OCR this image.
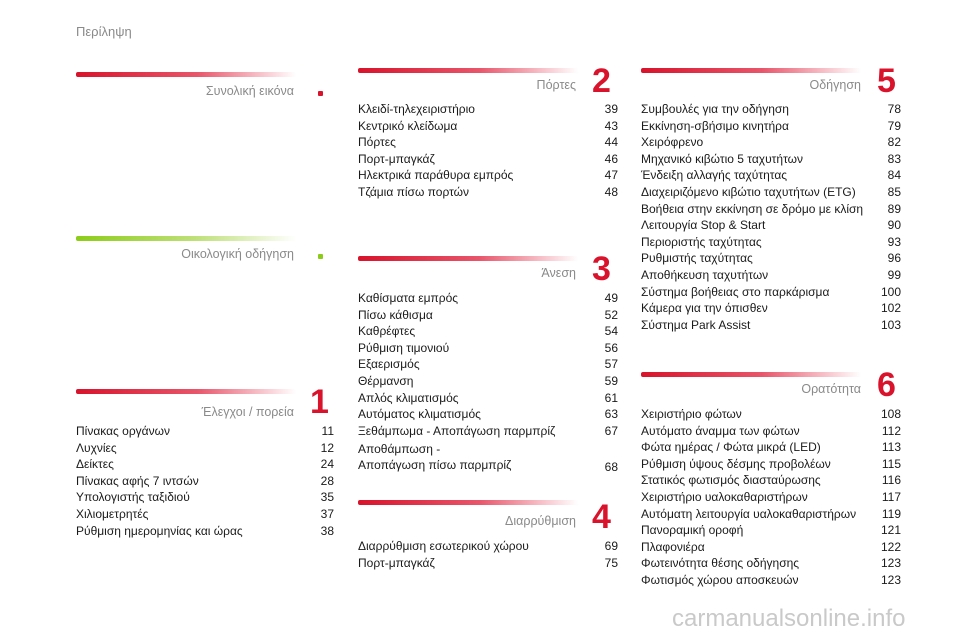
Περίληψη
Συνολική εικόνα
Οικολογική οδήγηση
Έλεγχοι / πορεία 1
Πίνακας οργάνων	11
Λυχνίες	12
Δείκτες	24
Πίνακας αφής 7 ιντσών	28
Υπολογιστής ταξιδιού	35
Χιλιομετρητές	37
Ρύθμιση ημερομηνίας και ώρας	38
Πόρτες 2
Κλειδί-τηλεχειριστήριο	39
Κεντρικό κλείδωμα	43
Πόρτες	44
Πορτ-μπαγκάζ	46
Ηλεκτρικά παράθυρα εμπρός	47
Τζάμια πίσω πορτών	48
Άνεση 3
Καθίσματα εμπρός	49
Πίσω κάθισμα	52
Καθρέφτες	54
Ρύθμιση τιμονιού	56
Εξαερισμός	57
Θέρμανση	59
Απλός κλιματισμός	61
Αυτόματος κλιματισμός	63
Ξεθάμπωμα - Αποπάγωση παρμπρίζ	67
Αποθάμπωση -
Αποπάγωση πίσω παρμπρίζ	68
Διαρρύθμιση 4
Διαρρύθμιση εσωτερικού χώρου	69
Πορτ-μπαγκάζ	75
Οδήγηση 5
Συμβουλές για την οδήγηση	78
Εκκίνηση-σβήσιμο κινητήρα	79
Χειρόφρενο	82
Μηχανικό κιβώτιο 5 ταχυτήτων	83
Ένδειξη αλλαγής ταχύτητας	84
Διαχειριζόμενο κιβώτιο ταχυτήτων (ETG)	85
Βοήθεια στην εκκίνηση σε δρόμο με κλίση 89
Λειτουργία Stop & Start	90
Περιοριστής ταχύτητας	93
Ρυθμιστής ταχύτητας	96
Αποθήκευση ταχυτήτων	99
Σύστημα βοήθειας στο παρκάρισμα	100
Κάμερα για την όπισθεν	102
Σύστημα Park Assist	103
Ορατότητα 6
Χειριστήριο φώτων	108
Αυτόματο άναμμα των φώτων	112
Φώτα ημέρας / Φώτα μικρά (LED)	113
Ρύθμιση ύψους δέσμης προβολέων	115
Στατικός φωτισμός διασταύρωσης	116
Χειριστήριο υαλοκαθαριστήρων	117
Αυτόματη λειτουργία υαλοκαθαριστήρων 119
Πανοραμική οροφή	121
Πλαφονιέρα	122
Φωτεινότητα θέσης οδήγησης	123
Φωτισμός χώρου αποσκευών	123
carmanualsonline.info
